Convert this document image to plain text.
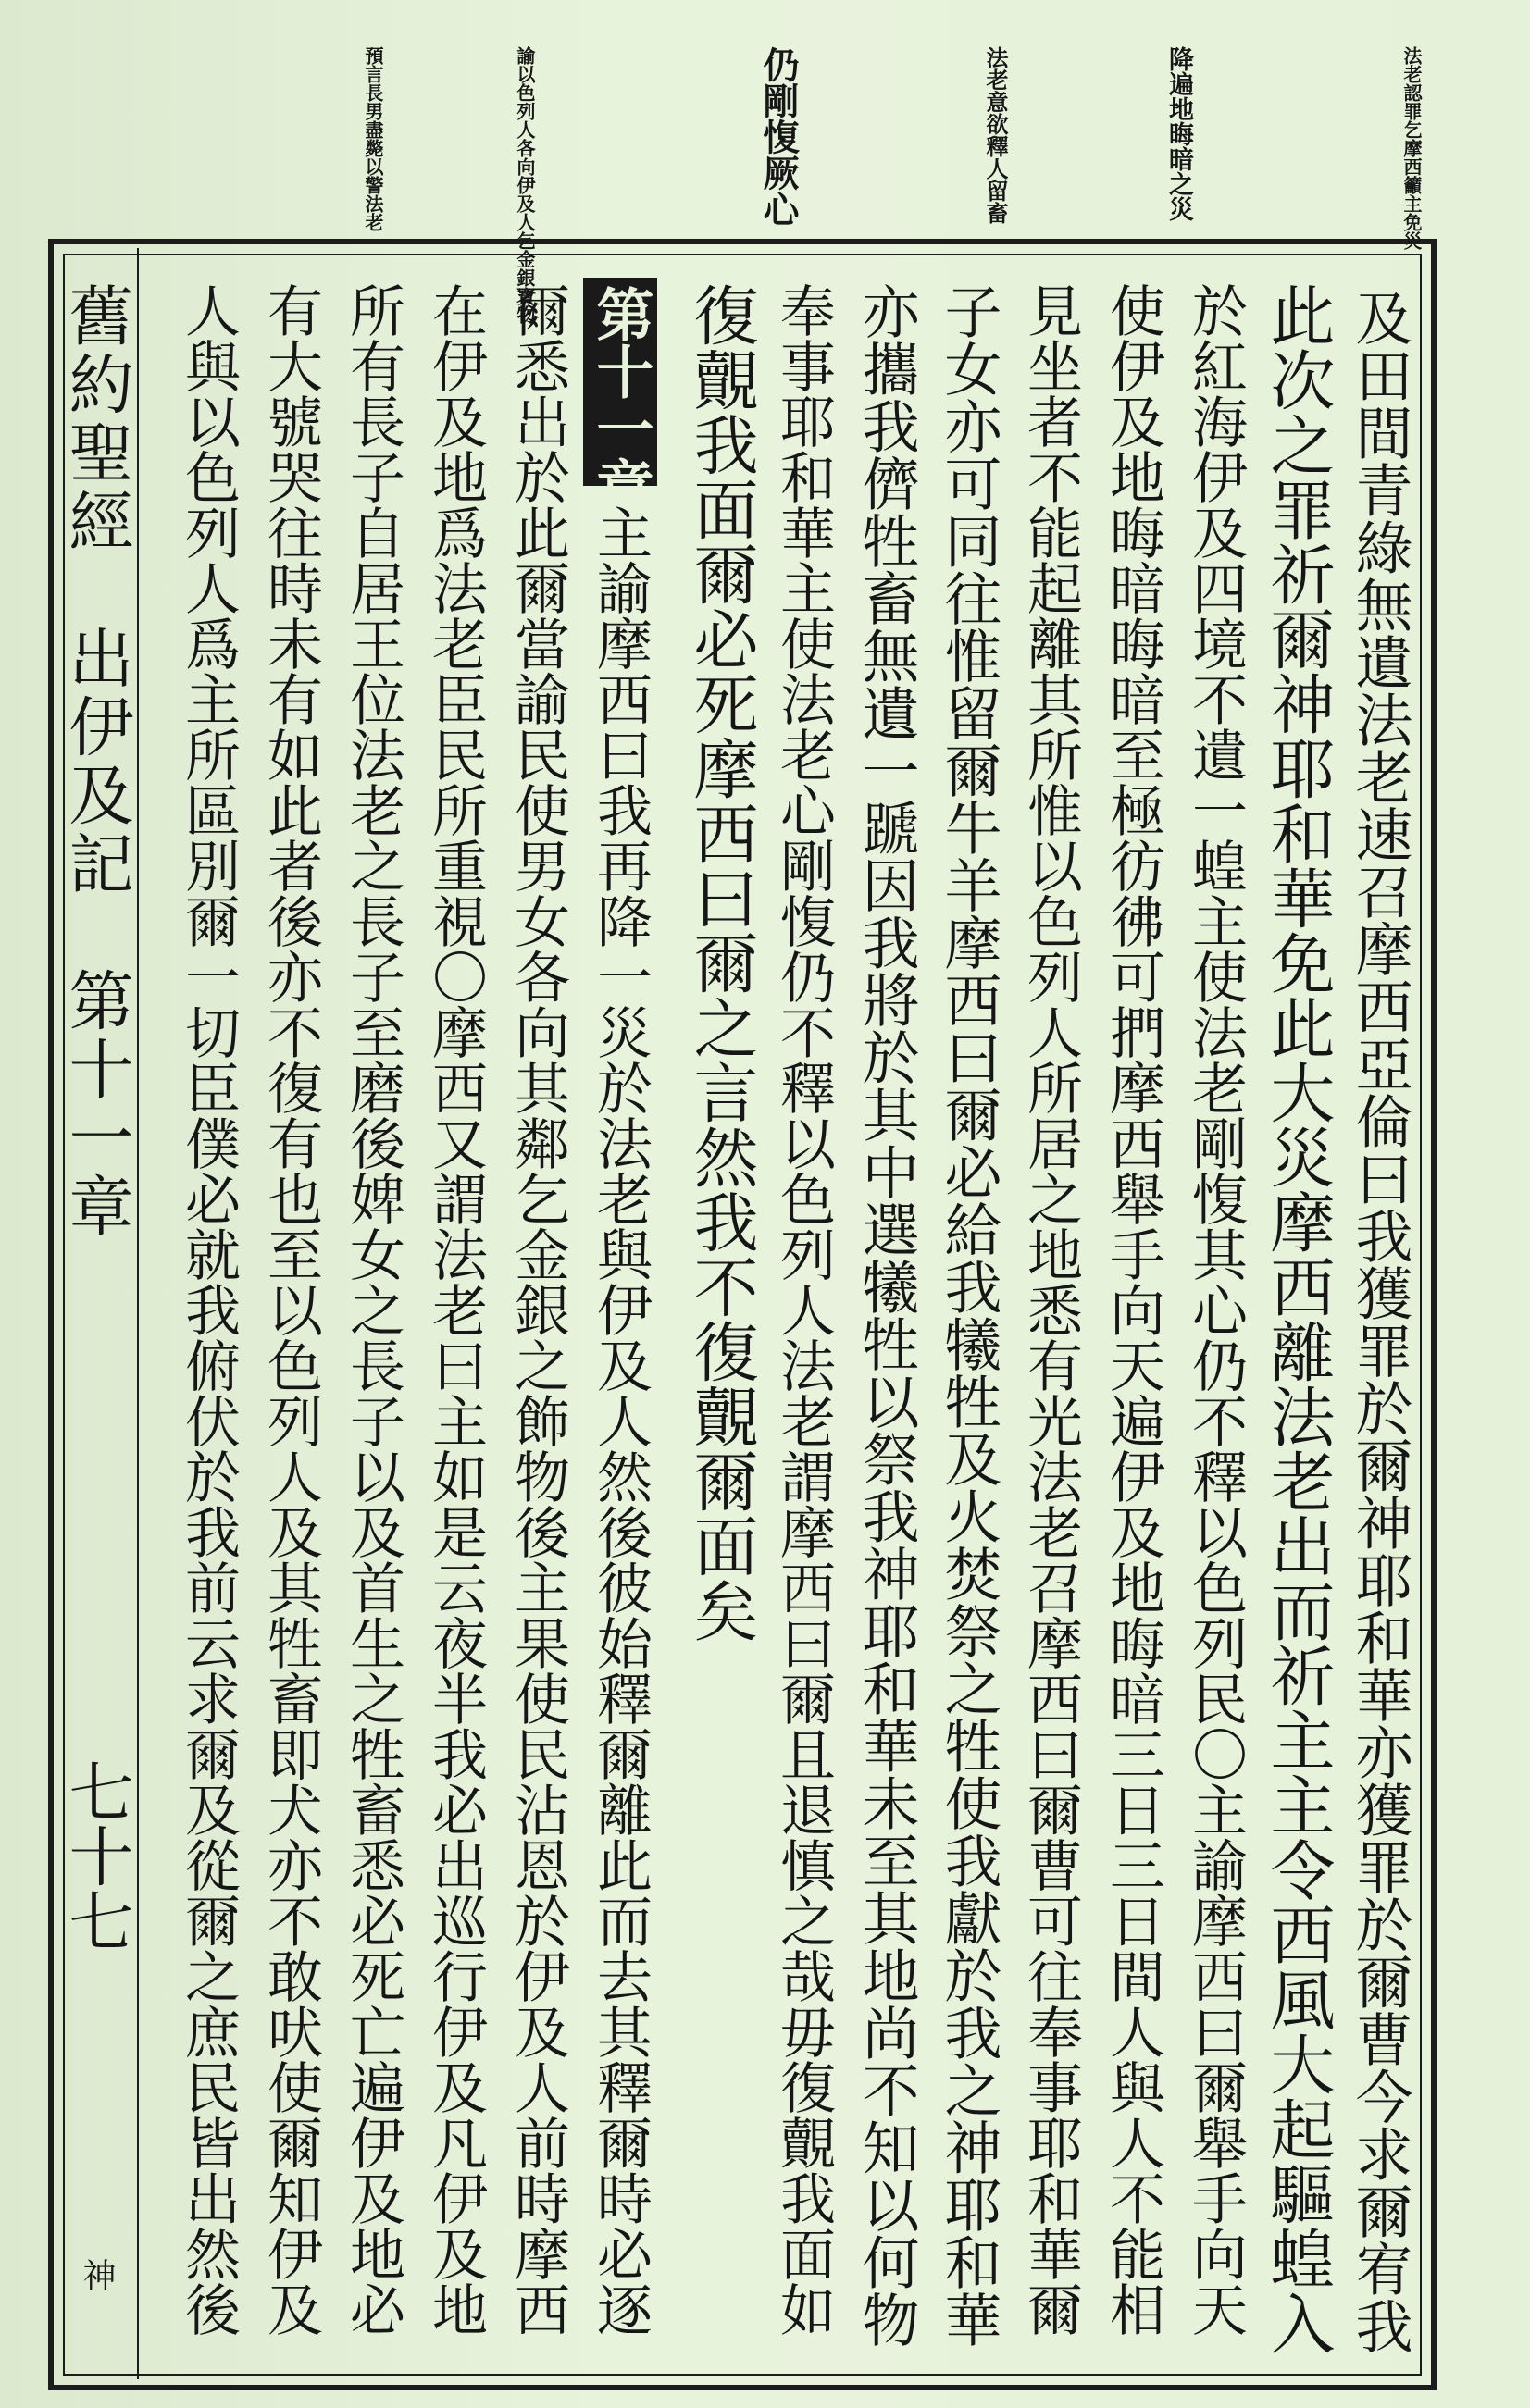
法老認罪乞摩西籲主免災
降遍地晦暗之災
法老意欲釋人留畜
仍剛愎厥心
諭以色列人各向伊及人乞金銀寶物
預言長男盡斃以警法老
及田間青綠無遺法老速召摩西亞倫曰我獲罪於爾神耶和華亦獲罪於爾曹今求爾宥我
此次之罪祈爾神耶和華免此大災摩西離法老出而祈主主令西風大起驅蝗入
於紅海伊及四境不遺一蝗主使法老剛愎其心仍不釋以色列民〇主諭摩西曰爾舉手向天
使伊及地晦暗晦暗至極彷彿可捫摩西舉手向天遍伊及地晦暗三日三日間人與人不能相
見坐者不能起離其所惟以色列人所居之地悉有光法老召摩西曰爾曹可往奉事耶和華爾
子女亦可同往惟留爾牛羊摩西曰爾必給我犧牲及火焚祭之牲使我獻於我之神耶和華
亦攜我儕牲畜無遺一蹏因我將於其中選犧牲以祭我神耶和華未至其地尚不知以何物
奉事耶和華主使法老心剛愎仍不釋以色列人法老謂摩西曰爾且退慎之哉毋復覿我面如
復覿我面爾必死摩西曰爾之言然我不復覿爾面矣
第十一章
主諭摩西曰我再降一災於法老與伊及人然後彼始釋爾離此而去其釋爾時必逐
爾悉出於此爾當諭民使男女各向其鄰乞金銀之飾物後主果使民沾恩於伊及人前時摩西
在伊及地爲法老臣民所重視〇摩西又謂法老曰主如是云夜半我必出巡行伊及凡伊及地
所有長子自居王位法老之長子至磨後婢女之長子以及首生之牲畜悉必死亡遍伊及地必
有大號哭往時未有如此者後亦不復有也至以色列人及其牲畜即犬亦不敢吠使爾知伊及
人與以色列人爲主所區別爾一切臣僕必就我俯伏於我前云求爾及從爾之庶民皆出然後
舊約聖經　出伊及記　第十一章
七十七
神
